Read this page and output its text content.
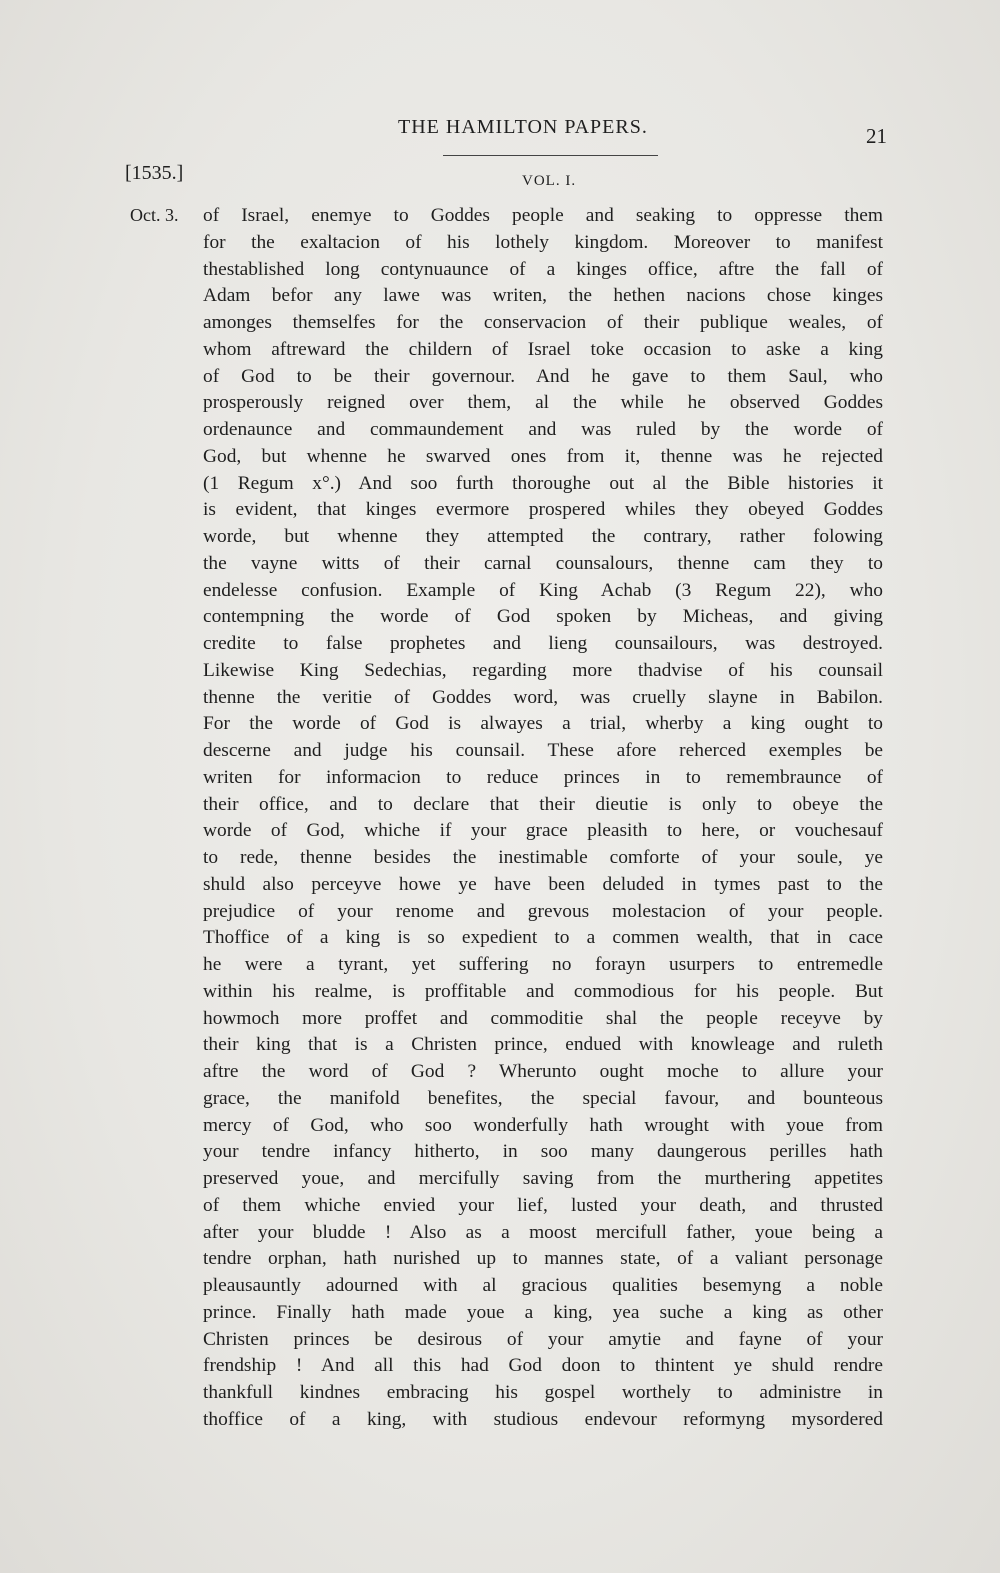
THE HAMILTON PAPERS.	21
[1535.]	VOL. I.
Oct. 3. of Israel, enemye to Goddes people and seaking to oppresse them
for the exaltacion of his lothely kingdom. Moreover to manifest
thestablished long contynuaunce of a kinges office, aftre the fall of
Adam befor any lawe was writen, the hethen nacions chose kinges
amonges themselfes for the conservacion of their publique weales, of
whom aftreward the childern of Israel toke occasion to aske a king
of God to be their governour. And he gave to them Saul, who
prosperously reigned over them, al the while he observed Goddes
ordenaunce and commaundement and was ruled by the worde of
God, but whenne he swarved ones from it, thenne was he rejected
(1 Regum x°.) And soo furth thoroughe out al the Bible histories it
is evident, that kinges evermore prospered whiles they obeyed Goddes
worde, but whenne they attempted the contrary, rather folowing
the vayne witts of their carnal counsalours, thenne cam they to
endelesse confusion. Example of King Achab (3 Regum 22), who
contempning the worde of God spoken by Micheas, and giving
credite to false prophetes and lieng counsailours, was destroyed.
Likewise King Sedechias, regarding more thadvise of his counsail
thenne the veritie of Goddes word, was cruelly slayne in Babilon.
For the worde of God is alwayes a trial, wherby a king ought to
descerne and judge his counsail. These afore reherced exemples be
writen for informacion to reduce princes in to remembraunce of
their office, and to declare that their dieutie is only to obeye the
worde of God, whiche if your grace pleasith to here, or vouchesauf
to rede, thenne besides the inestimable comforte of your soule, ye
shuld also perceyve howe ye have been deluded in tymes past to the
prejudice of your renome and grevous molestacion of your people.
Thoffice of a king is so expedient to a commen wealth, that in cace
he were a tyrant, yet suffering no forayn usurpers to entremedle
within his realme, is proffitable and commodious for his people. But
howmoch more proffet and commoditie shal the people receyve by
their king that is a Christen prince, endued with knowleage and ruleth
aftre the word of God ? Wherunto ought moche to allure your
grace, the manifold benefites, the special favour, and bounteous
mercy of God, who soo wonderfully hath wrought with youe from
your tendre infancy hitherto, in soo many daungerous perilles hath
preserved youe, and mercifully saving from the murthering appetites
of them whiche envied your lief, lusted your death, and thrusted
after your bludde ! Also as a moost mercifull father, youe being a
tendre orphan, hath nurished up to mannes state, of a valiant personage
pleausauntly adourned with al gracious qualities besemyng a noble
prince. Finally hath made youe a king, yea suche a king as other
Christen princes be desirous of your amytie and fayne of your
frendship ! And all this had God doon to thintent ye shuld rendre
thankfull kindnes embracing his gospel worthely to administre in
thoffice of a king, with studious endevour reformyng mysordered
